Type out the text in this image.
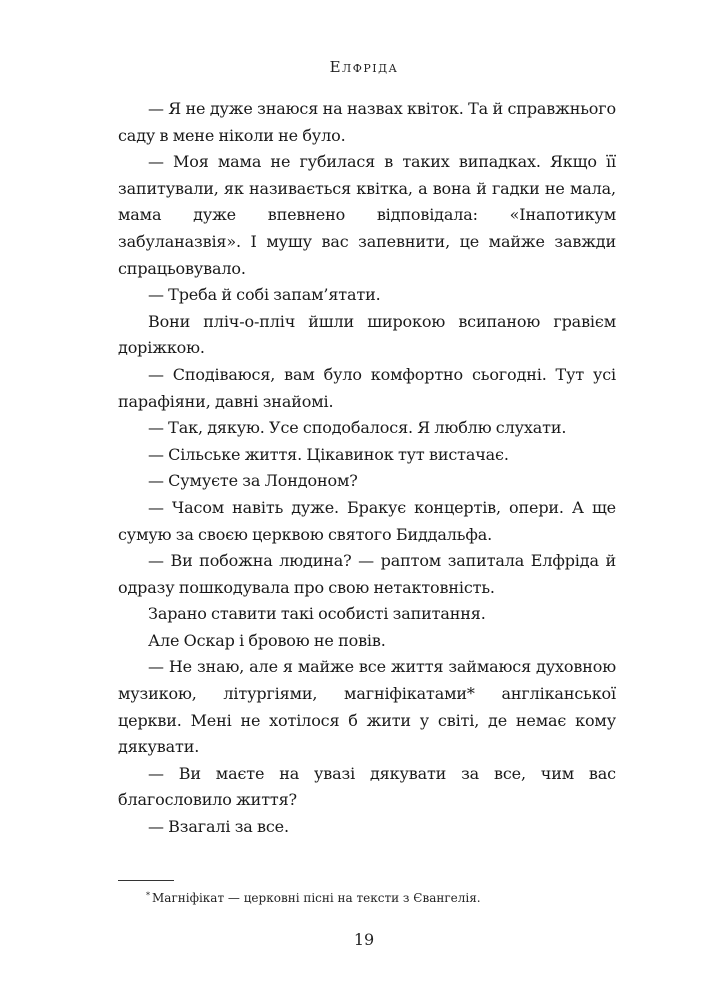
Елфріда

— Я не дуже знаюся на назвах квіток. Та й справжнього саду в мене ніколи не було.

— Моя мама не губилася в таких випадках. Якщо її запитували, як називається квітка, а вона й гадки не мала, мама дуже впевнено відповідала: «Інапотикум забуланазвія». І мушу вас запевнити, це майже завжди спрацьовувало.

— Треба й собі запам’ятати.

Вони пліч-о-пліч йшли широкою всипаною гравієм доріжкою.

— Сподіваюся, вам було комфортно сьогодні. Тут усі парафіяни, давні знайомі.

— Так, дякую. Усе сподобалося. Я люблю слухати.

— Сільське життя. Цікавинок тут вистачає.

— Сумуєте за Лондоном?

— Часом навіть дуже. Бракує концертів, опери. А ще сумую за своєю церквою святого Биддальфа.

— Ви побожна людина? — раптом запитала Елфріда й одразу пошкодувала про свою нетактовність.

Зарано ставити такі особисті запитання.

Але Оскар і бровою не повів.

— Не знаю, але я майже все життя займаюся духовною музикою, літургіями, магніфікатами* англіканської церкви. Мені не хотілося б жити у світі, де немає кому дякувати.

— Ви маєте на увазі дякувати за все, чим вас благословило життя?

— Взагалі за все.

* Магніфікат — церковні пісні на тексти з Євангелія.
19
